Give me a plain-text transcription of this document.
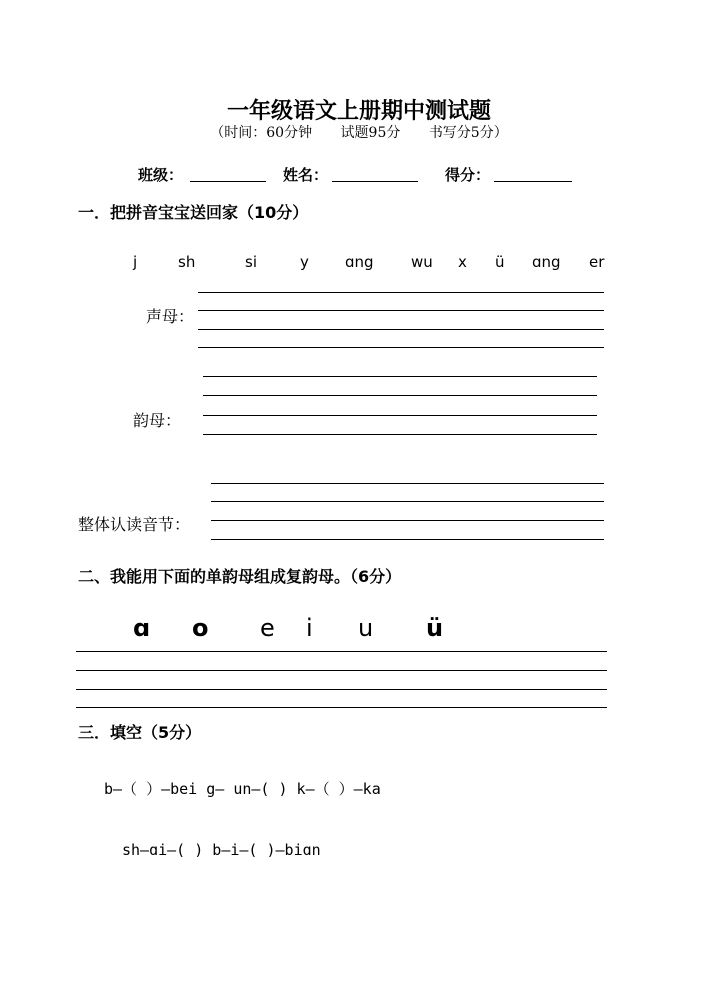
一年级语文上册期中测试题
（时间：60分钟 试题95分 书写分5分）
班级：	姓名：	得分：
一．把拼音宝宝送回家（10分）
j	sh	si	y ɑng wu x ü ɑng er
声母：
韵母：
整体认读音节：
二、我能用下面的单韵母组成复韵母。（6分）
ɑ o e i u ü
三．填空（5分）
b—（ ）—bei g— un—( ) k—（ ）—ka
sh—ɑi—( ) b—i—( )—biɑn
